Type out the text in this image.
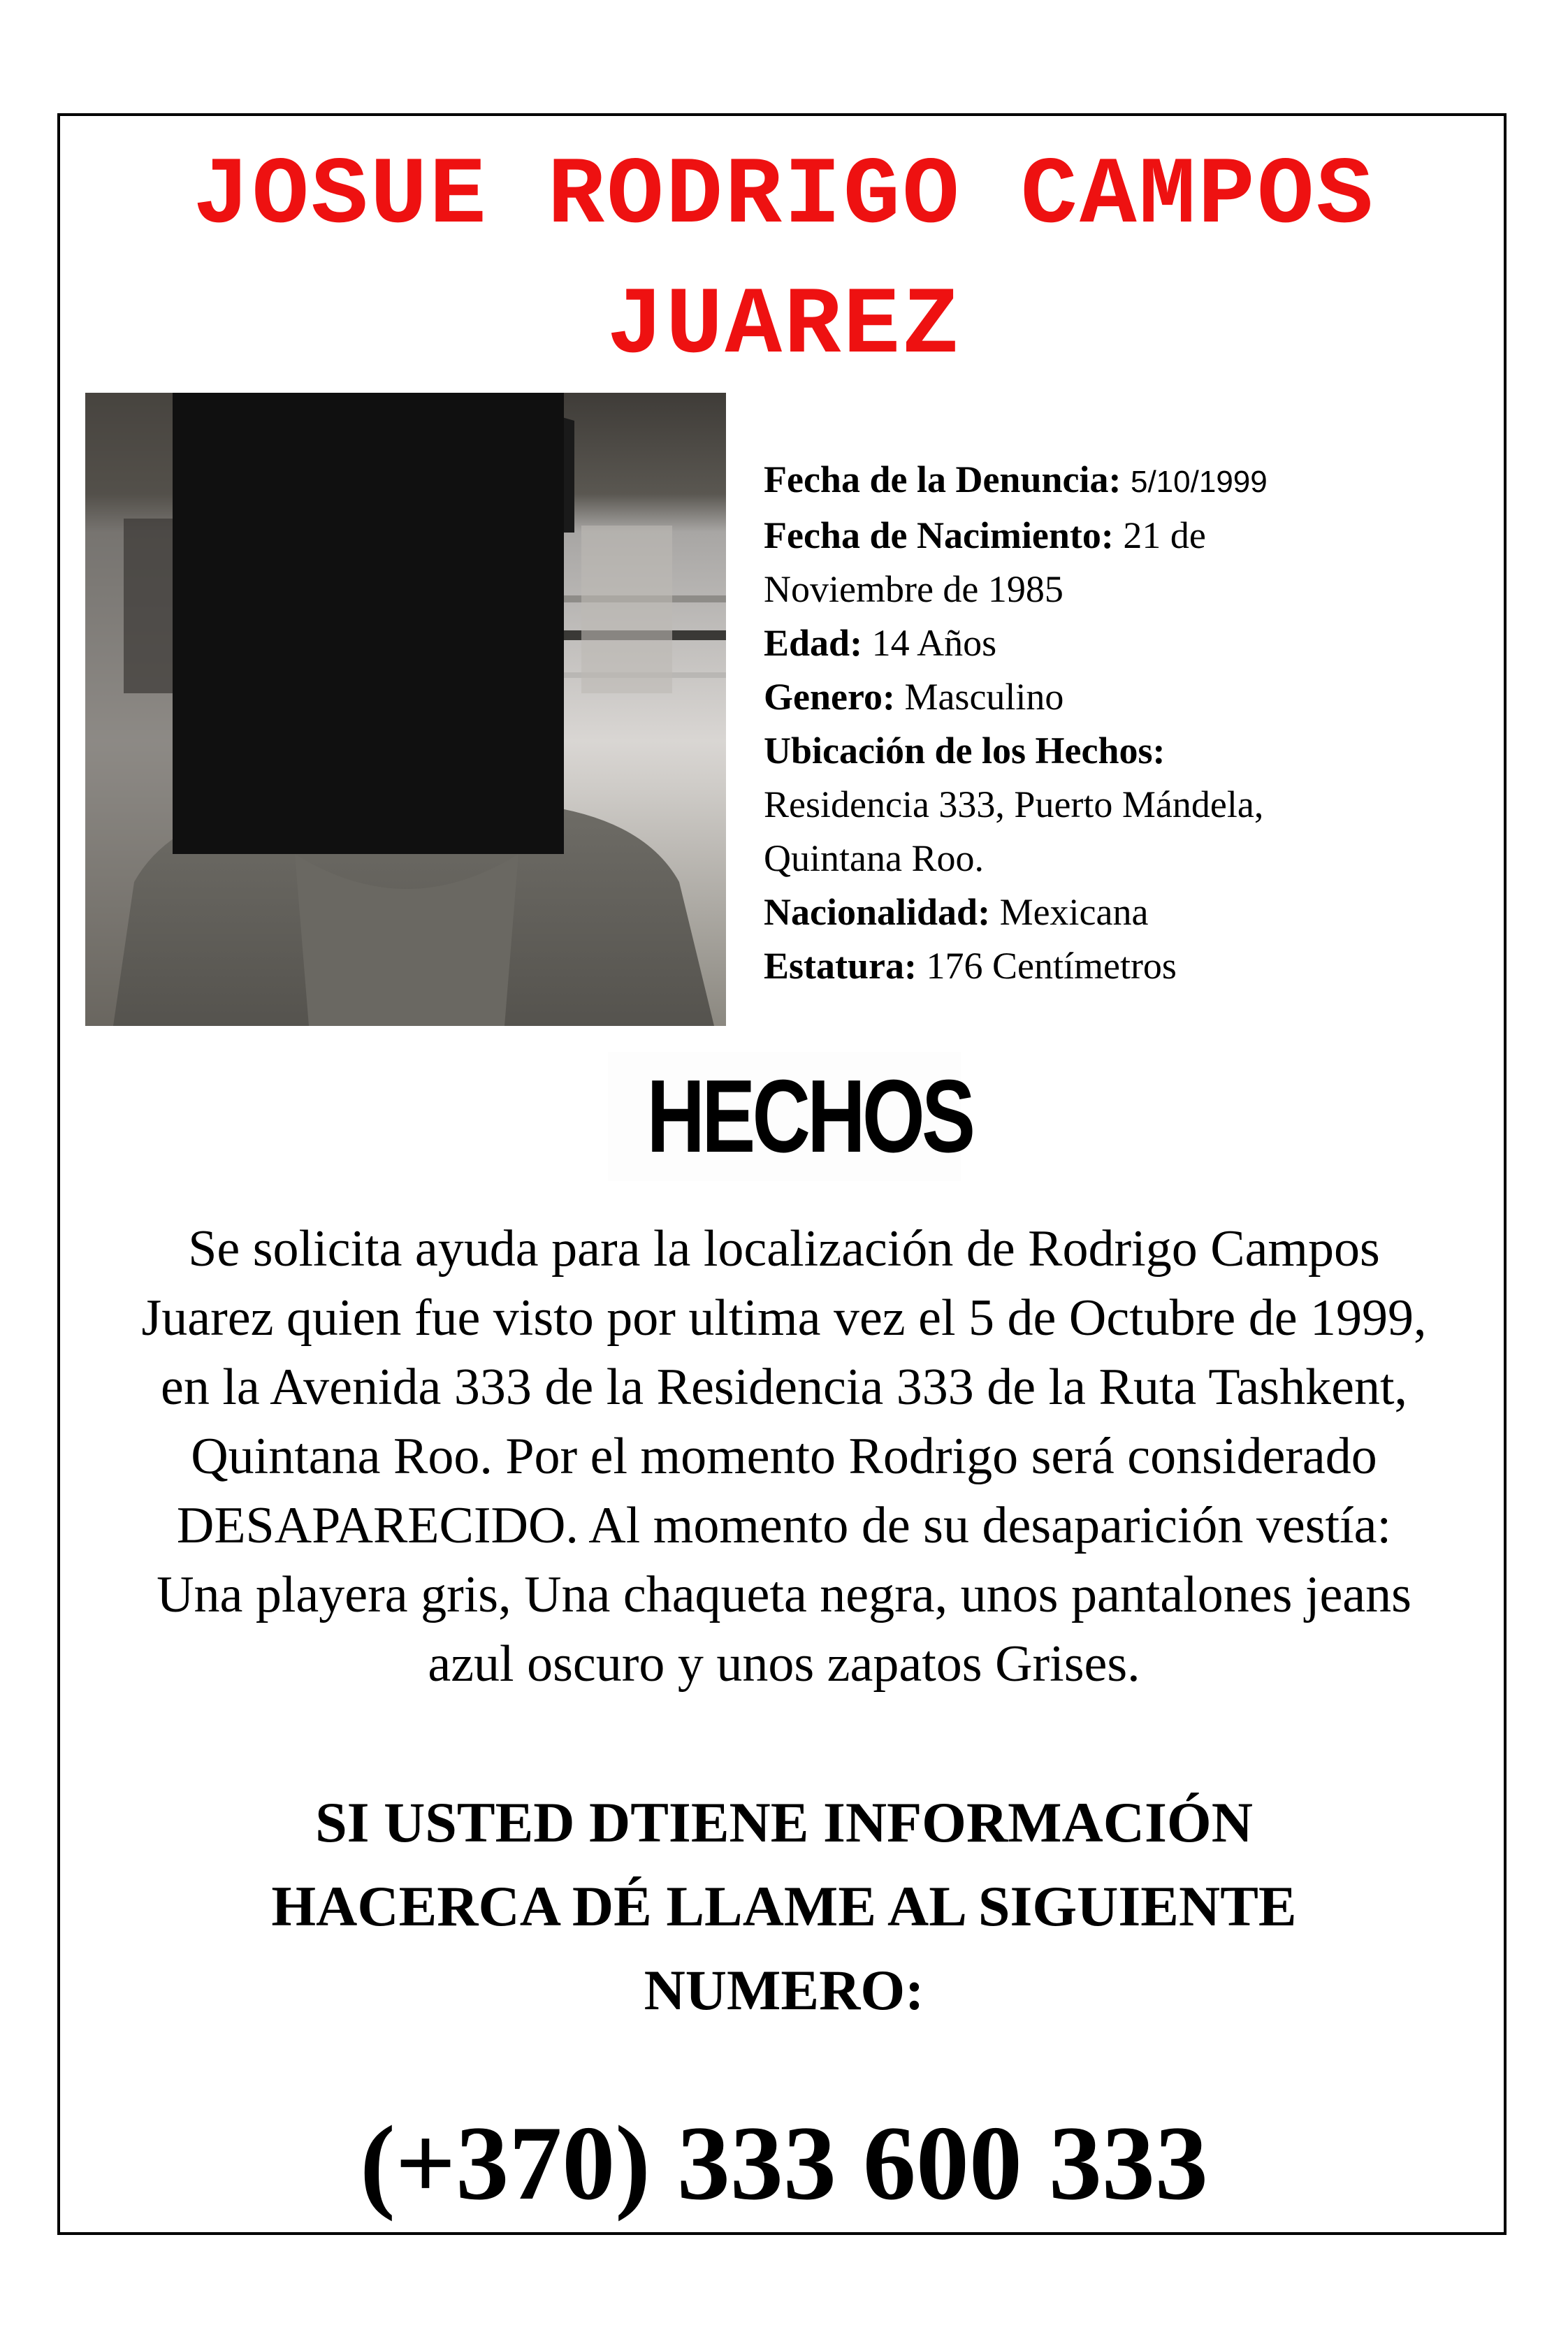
JOSUE RODRIGO CAMPOS JUAREZ
Fecha de la Denuncia: 5/10/1999
Fecha de Nacimiento: 21 de
Noviembre de 1985
Edad: 14 Años
Genero: Masculino
Ubicación de los Hechos:
Residencia 333, Puerto Mándela,
Quintana Roo.
Nacionalidad: Mexicana
Estatura: 176 Centímetros
HECHOS
Se solicita ayuda para la localización de Rodrigo Campos
Juarez quien fue visto por ultima vez el 5 de Octubre de 1999,
en la Avenida 333 de la Residencia 333 de la Ruta Tashkent,
Quintana Roo. Por el momento Rodrigo será considerado
DESAPARECIDO. Al momento de su desaparición vestía:
Una playera gris, Una chaqueta negra, unos pantalones jeans
azul oscuro y unos zapatos Grises.
SI USTED DTIENE INFORMACIÓN
HACERCA DÉ LLAME AL SIGUIENTE
NUMERO:
(+370) 333 600 333
